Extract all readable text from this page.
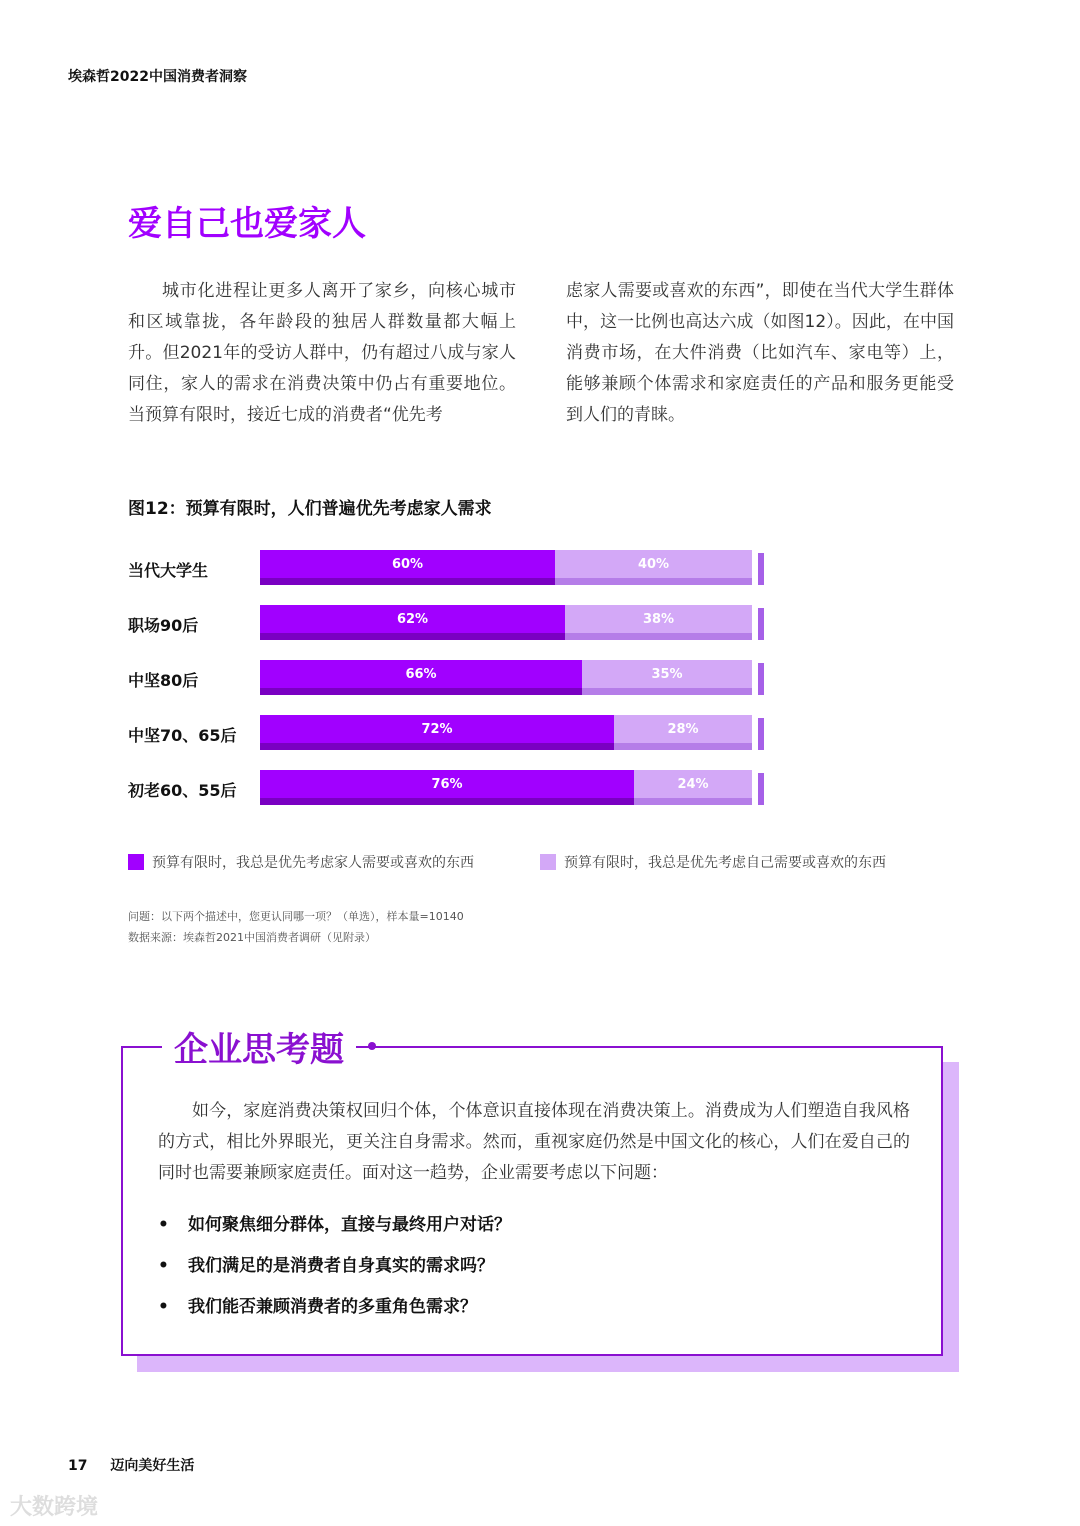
埃森哲2022中国消费者洞察
爱自己也爱家人
城市化进程让更多人离开了家乡，向核心城市和区域靠拢，各年龄段的独居人群数量都大幅上升。但2021年的受访人群中，仍有超过八成与家人同住，家人的需求在消费决策中仍占有重要地位。当预算有限时，接近七成的消费者“优先考
虑家人需要或喜欢的东西”，即使在当代大学生群体中，这一比例也高达六成（如图12）。因此，在中国消费市场，在大件消费（比如汽车、家电等）上，能够兼顾个体需求和家庭责任的产品和服务更能受到人们的青睐。
图12：预算有限时，人们普遍优先考虑家人需求
当代大学生	60%	40%
职场90后	62%	38%
中坚80后	66%	35%
中坚70、65后	72%	28%
初老60、55后	76%	24%
预算有限时，我总是优先考虑家人需要或喜欢的东西	预算有限时，我总是优先考虑自己需要或喜欢的东西
问题：以下两个描述中，您更认同哪一项？（单选），样本量=10140
数据来源：埃森哲2021中国消费者调研（见附录）
企业思考题
如今，家庭消费决策权回归个体，个体意识直接体现在消费决策上。消费成为人们塑造自我风格的方式，相比外界眼光，更关注自身需求。然而，重视家庭仍然是中国文化的核心，人们在爱自己的同时也需要兼顾家庭责任。面对这一趋势，企业需要考虑以下问题：
• 如何聚焦细分群体，直接与最终用户对话？
• 我们满足的是消费者自身真实的需求吗？
• 我们能否兼顾消费者的多重角色需求？
17 迈向美好生活
大数跨境
